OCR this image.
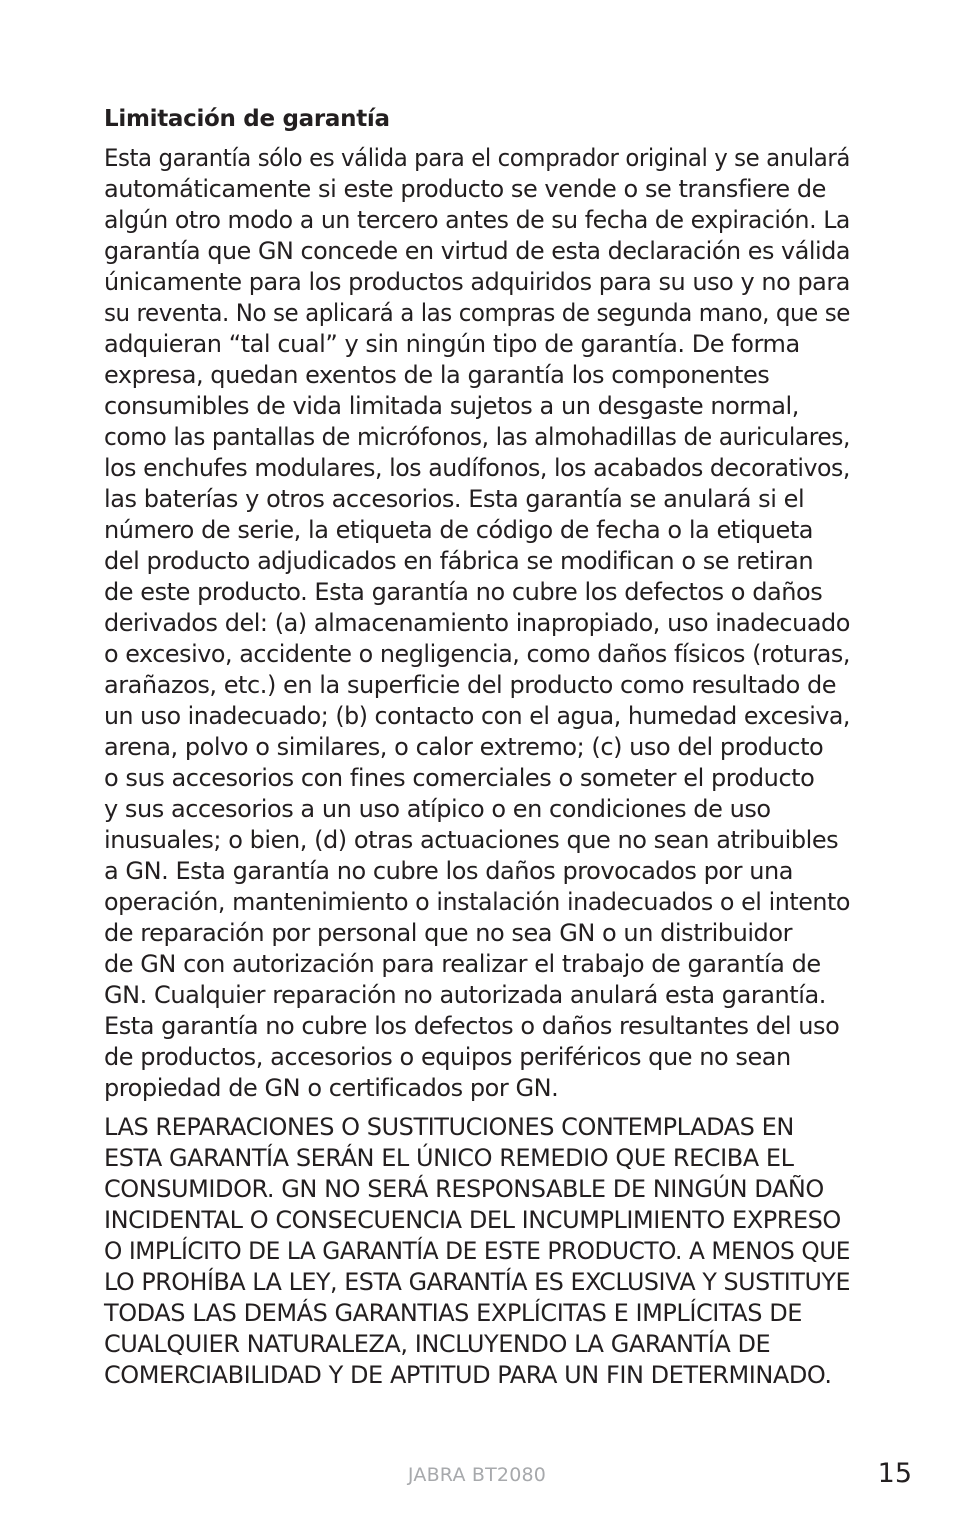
Limitación de garantía

Esta garantía sólo es válida para el comprador original y se anulará
automáticamente si este producto se vende o se transfiere de
algún otro modo a un tercero antes de su fecha de expiración. La
garantía que GN concede en virtud de esta declaración es válida
únicamente para los productos adquiridos para su uso y no para
su reventa. No se aplicará a las compras de segunda mano, que se
adquieran “tal cual” y sin ningún tipo de garantía. De forma
expresa, quedan exentos de la garantía los componentes
consumibles de vida limitada sujetos a un desgaste normal,
como las pantallas de micrófonos, las almohadillas de auriculares,
los enchufes modulares, los audífonos, los acabados decorativos,
las baterías y otros accesorios. Esta garantía se anulará si el
número de serie, la etiqueta de código de fecha o la etiqueta
del producto adjudicados en fábrica se modifican o se retiran
de este producto. Esta garantía no cubre los defectos o daños
derivados del: (a) almacenamiento inapropiado, uso inadecuado
o excesivo, accidente o negligencia, como daños físicos (roturas,
arañazos, etc.) en la superficie del producto como resultado de
un uso inadecuado; (b) contacto con el agua, humedad excesiva,
arena, polvo o similares, o calor extremo; (c) uso del producto
o sus accesorios con fines comerciales o someter el producto
y sus accesorios a un uso atípico o en condiciones de uso
inusuales; o bien, (d) otras actuaciones que no sean atribuibles
a GN. Esta garantía no cubre los daños provocados por una
operación, mantenimiento o instalación inadecuados o el intento
de reparación por personal que no sea GN o un distribuidor
de GN con autorización para realizar el trabajo de garantía de
GN. Cualquier reparación no autorizada anulará esta garantía.
Esta garantía no cubre los defectos o daños resultantes del uso
de productos, accesorios o equipos periféricos que no sean
propiedad de GN o certificados por GN.

LAS REPARACIONES O SUSTITUCIONES CONTEMPLADAS EN
ESTA GARANTÍA SERÁN EL ÚNICO REMEDIO QUE RECIBA EL
CONSUMIDOR. GN NO SERÁ RESPONSABLE DE NINGÚN DAÑO
INCIDENTAL O CONSECUENCIA DEL INCUMPLIMIENTO EXPRESO
O IMPLÍCITO DE LA GARANTÍA DE ESTE PRODUCTO. A MENOS QUE
LO PROHÍBA LA LEY, ESTA GARANTÍA ES EXCLUSIVA Y SUSTITUYE
TODAS LAS DEMÁS GARANTIAS EXPLÍCITAS E IMPLÍCITAS DE
CUALQUIER NATURALEZA, INCLUYENDO LA GARANTÍA DE
COMERCIABILIDAD Y DE APTITUD PARA UN FIN DETERMINADO.

JABRA BT2080	15
